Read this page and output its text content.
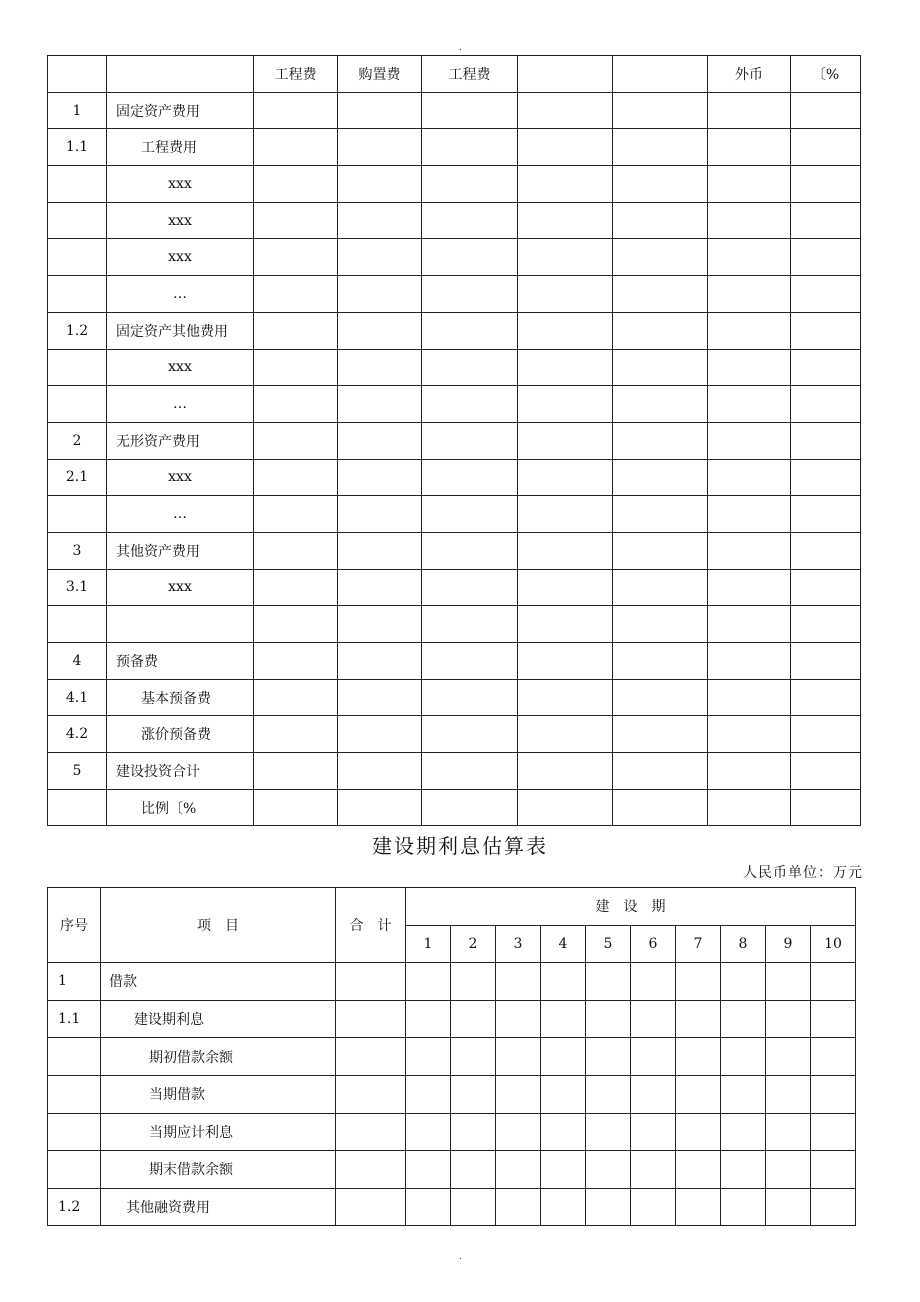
.
		工程费	购置费	工程费			外币	〔%
1	固定资产费用							
1.1	工程费用							
	xxx							
	xxx							
	xxx							
	…							
1.2	固定资产其他费用							
	xxx							
	…							
2	无形资产费用							
2.1	xxx							
	…							
3	其他资产费用							
3.1	xxx							

4	预备费							
4.1	基本预备费							
4.2	涨价预备费							
5	建设投资合计							
	比例〔%							
建设期利息估算表
人民币单位：万元
序号	项　目	合　计	建　设　期									
			1	2	3	4	5	6	7	8	9	10
1	借款											
1.1	建设期利息											
	期初借款余额											
	当期借款											
	当期应计利息											
	期末借款余额											
1.2	其他融资费用											
.
